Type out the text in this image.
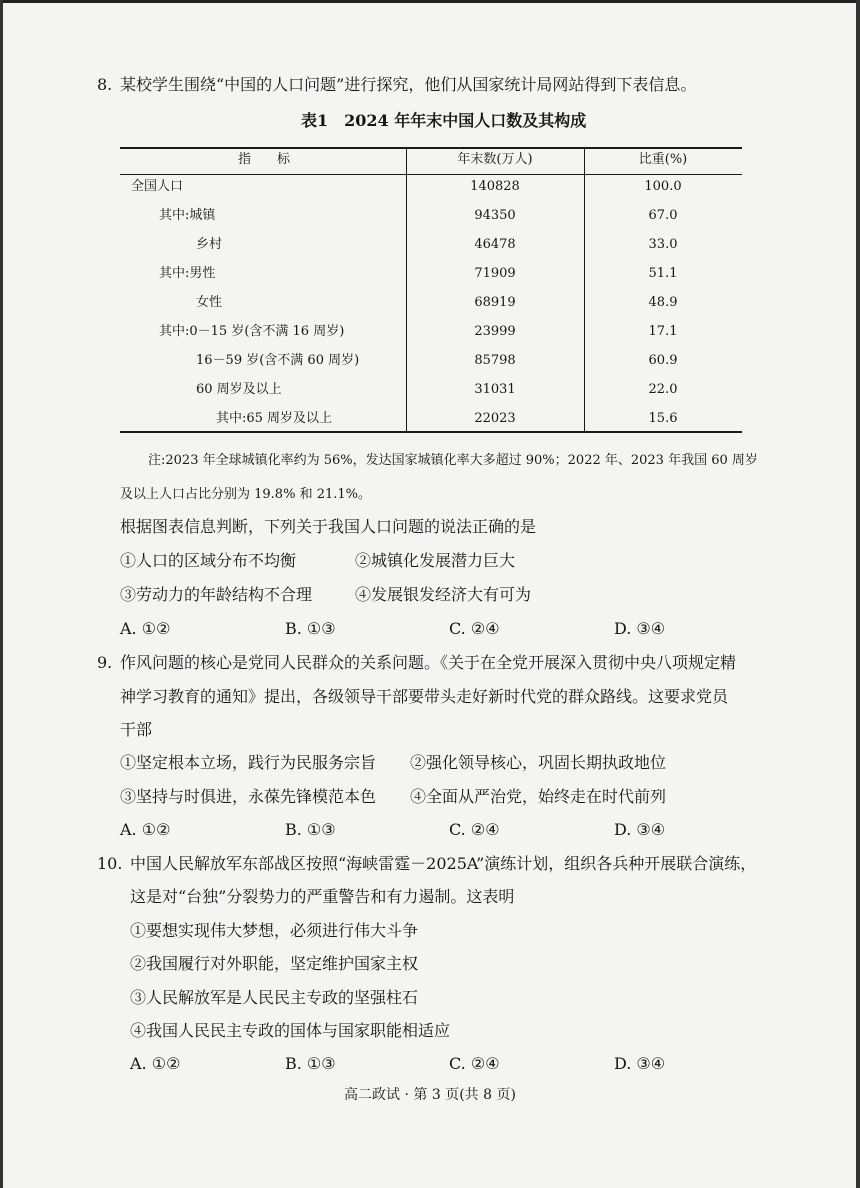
8. 某校学生围绕“中国的人口问题”进行探究，他们从国家统计局网站得到下表信息。
表1　2024 年年末中国人口数及其构成
指　　标	年末数(万人)	比重(%)
全国人口	140828	100.0
其中:城镇	94350	67.0
乡村	46478	33.0
其中:男性	71909	51.1
女性	68919	48.9
其中:0－15 岁(含不满 16 周岁)	23999	17.1
16－59 岁(含不满 60 周岁)	85798	60.9
60 周岁及以上	31031	22.0
其中:65 周岁及以上	22023	15.6
注:2023 年全球城镇化率约为 56%，发达国家城镇化率大多超过 90%；2022 年、2023 年我国 60 周岁
及以上人口占比分别为 19.8% 和 21.1%。
根据图表信息判断，下列关于我国人口问题的说法正确的是
①人口的区域分布不均衡	②城镇化发展潜力巨大
③劳动力的年龄结构不合理	④发展银发经济大有可为
A. ①②	B. ①③	C. ②④	D. ③④
9. 作风问题的核心是党同人民群众的关系问题。《关于在全党开展深入贯彻中央八项规定精
神学习教育的通知》提出，各级领导干部要带头走好新时代党的群众路线。这要求党员
干部
①坚定根本立场，践行为民服务宗旨 ②强化领导核心，巩固长期执政地位
③坚持与时俱进，永葆先锋模范本色 ④全面从严治党，始终走在时代前列
A. ①②	B. ①③	C. ②④	D. ③④
10. 中国人民解放军东部战区按照“海峡雷霆－2025A”演练计划，组织各兵种开展联合演练，
这是对“台独”分裂势力的严重警告和有力遏制。这表明
①要想实现伟大梦想，必须进行伟大斗争
②我国履行对外职能，坚定维护国家主权
③人民解放军是人民民主专政的坚强柱石
④我国人民民主专政的国体与国家职能相适应
A. ①②	B. ①③	C. ②④	D. ③④
高二政试 · 第 3 页(共 8 页)
